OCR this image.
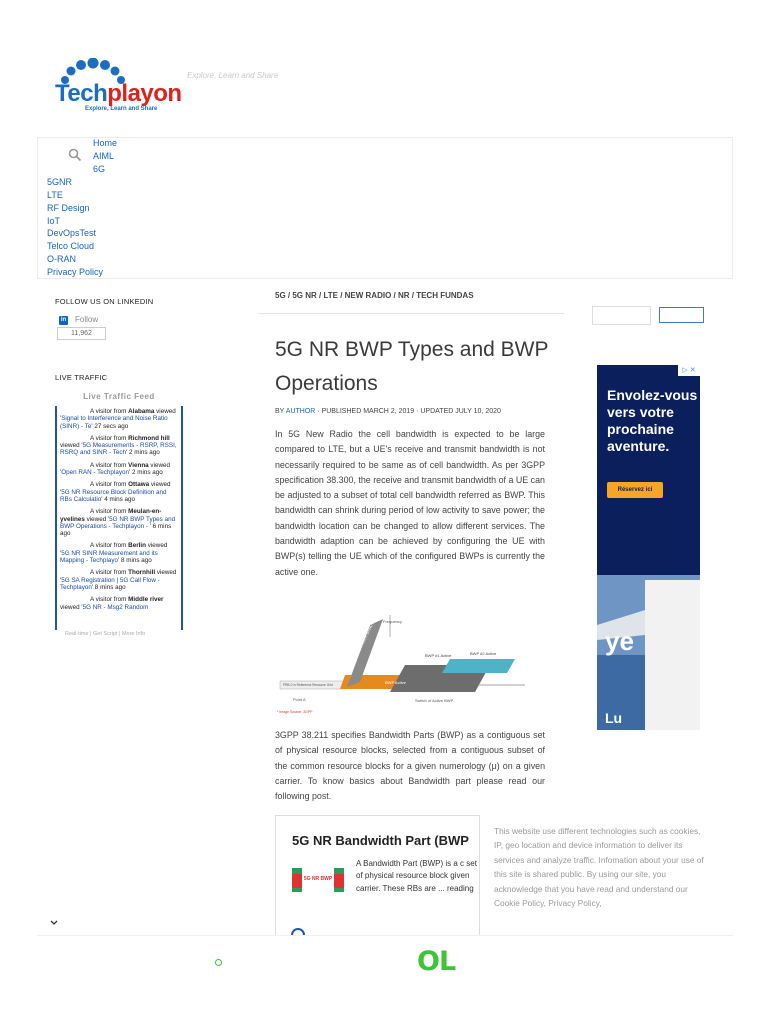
Techplayon
Explore, Learn and Share
Explore, Learn and Share
Home
AIML
6G
5GNR
LTE
RF Design
IoT
DevOpsTest
Telco Cloud
O-RAN
Privacy Policy
FOLLOW US ON LINKEDIN
in Follow
11,962
LIVE TRAFFIC
Live Traffic Feed
A visitor from Alabama viewed 'Signal to Interference and Noise Ratio (SINR) - Te' 27 secs ago
A visitor from Richmond hill viewed '5G Measurements - RSRP, RSSI, RSRQ and SINR - Tech' 2 mins ago
A visitor from Vienna viewed 'Open RAN - Techplayon' 2 mins ago
A visitor from Ottawa viewed '5G NR Resource Block Definition and RBs Calculatio' 4 mins ago
A visitor from Meulan-en-yvelines viewed '5G NR BWP Types and BWP Operations - Techplayon - ' 6 mins ago
A visitor from Berlin viewed '5G NR SINR Measurement and its Mapping - Techplayo' 8 mins ago
A visitor from Thornhill viewed '5G SA Registration | 5G Call Flow - Techplayon' 8 mins ago
A visitor from Middle river viewed '5G NR - Msg2 Random
Real-time | Get Script | More Info
5G / 5G NR / LTE / NEW RADIO / NR / TECH FUNDAS
5G NR BWP Types and BWP Operations
BY AUTHOR · PUBLISHED MARCH 2, 2019 · UPDATED JULY 10, 2020

In 5G New Radio the cell bandwidth is expected to be large compared to LTE, but a UE's receive and transmit bandwidth is not necessarily required to be same as of cell bandwidth. As per 3GPP specification 38.300, the receive and transmit bandwidth of a UE can be adjusted to a subset of total cell bandwidth referred as BWP. This bandwidth can shrink during period of low activity to save power; the bandwidth location can be changed to allow different services. The bandwidth adaption can be achieved by configuring the UE with BWP(s) telling the UE which of the configured BWPs is currently the active one.

Frequency
CARRIER BANDWIDTH
BWP #1 Active	BWP #2 Active
BWP Active
Switch of Active BWP
PRB-0 in Reference Resource Grid
Point A
* Image Source: 3GPP

3GPP 38.211 specifies Bandwidth Parts (BWP) as a contiguous set of physical resource blocks, selected from a contiguous subset of the common resource blocks for a given numerology (μ) on a given carrier. To know basics about Bandwidth part please read our following post.

5G NR Bandwidth Part (BWP
5G NR BWP
A Bandwidth Part (BWP) is a c set of physical resource block given carrier. These RBs are ... reading
This website use different technologies such as cookies, IP, geo location and device information to deliver its services and analyze traffic. Infomation about your use of this site is shared public. By using our site, you acknowledge that you have read and understand our Cookie Policy, Privacy Policy,
▷ ✕
Envolez-vous vers votre prochaine aventure.
Réservez ici
ye
Lu
OL
